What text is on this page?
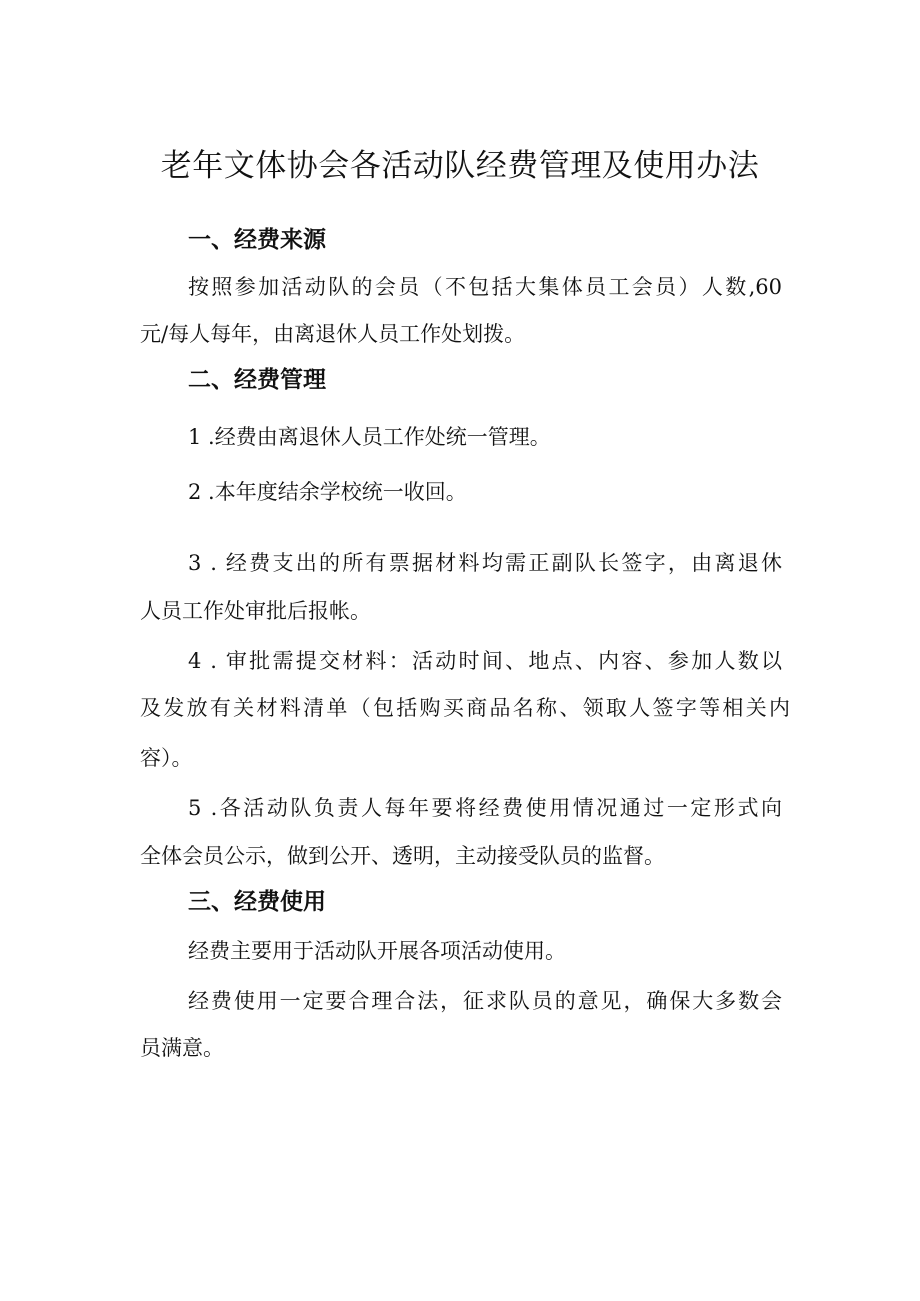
老年文体协会各活动队经费管理及使用办法
一、经费来源
按照参加活动队的会员（不包括大集体员工会员）人数,60
元/每人每年，由离退休人员工作处划拨。
二、经费管理
1 .经费由离退休人员工作处统一管理。
2 .本年度结余学校统一收回。
3 . 经费支出的所有票据材料均需正副队长签字，由离退休
人员工作处审批后报帐。
4 . 审批需提交材料：活动时间、地点、内容、参加人数以
及发放有关材料清单（包括购买商品名称、领取人签字等相关内
容）。
5 .各活动队负责人每年要将经费使用情况通过一定形式向
全体会员公示，做到公开、透明，主动接受队员的监督。
三、经费使用
经费主要用于活动队开展各项活动使用。
经费使用一定要合理合法，征求队员的意见，确保大多数会
员满意。
